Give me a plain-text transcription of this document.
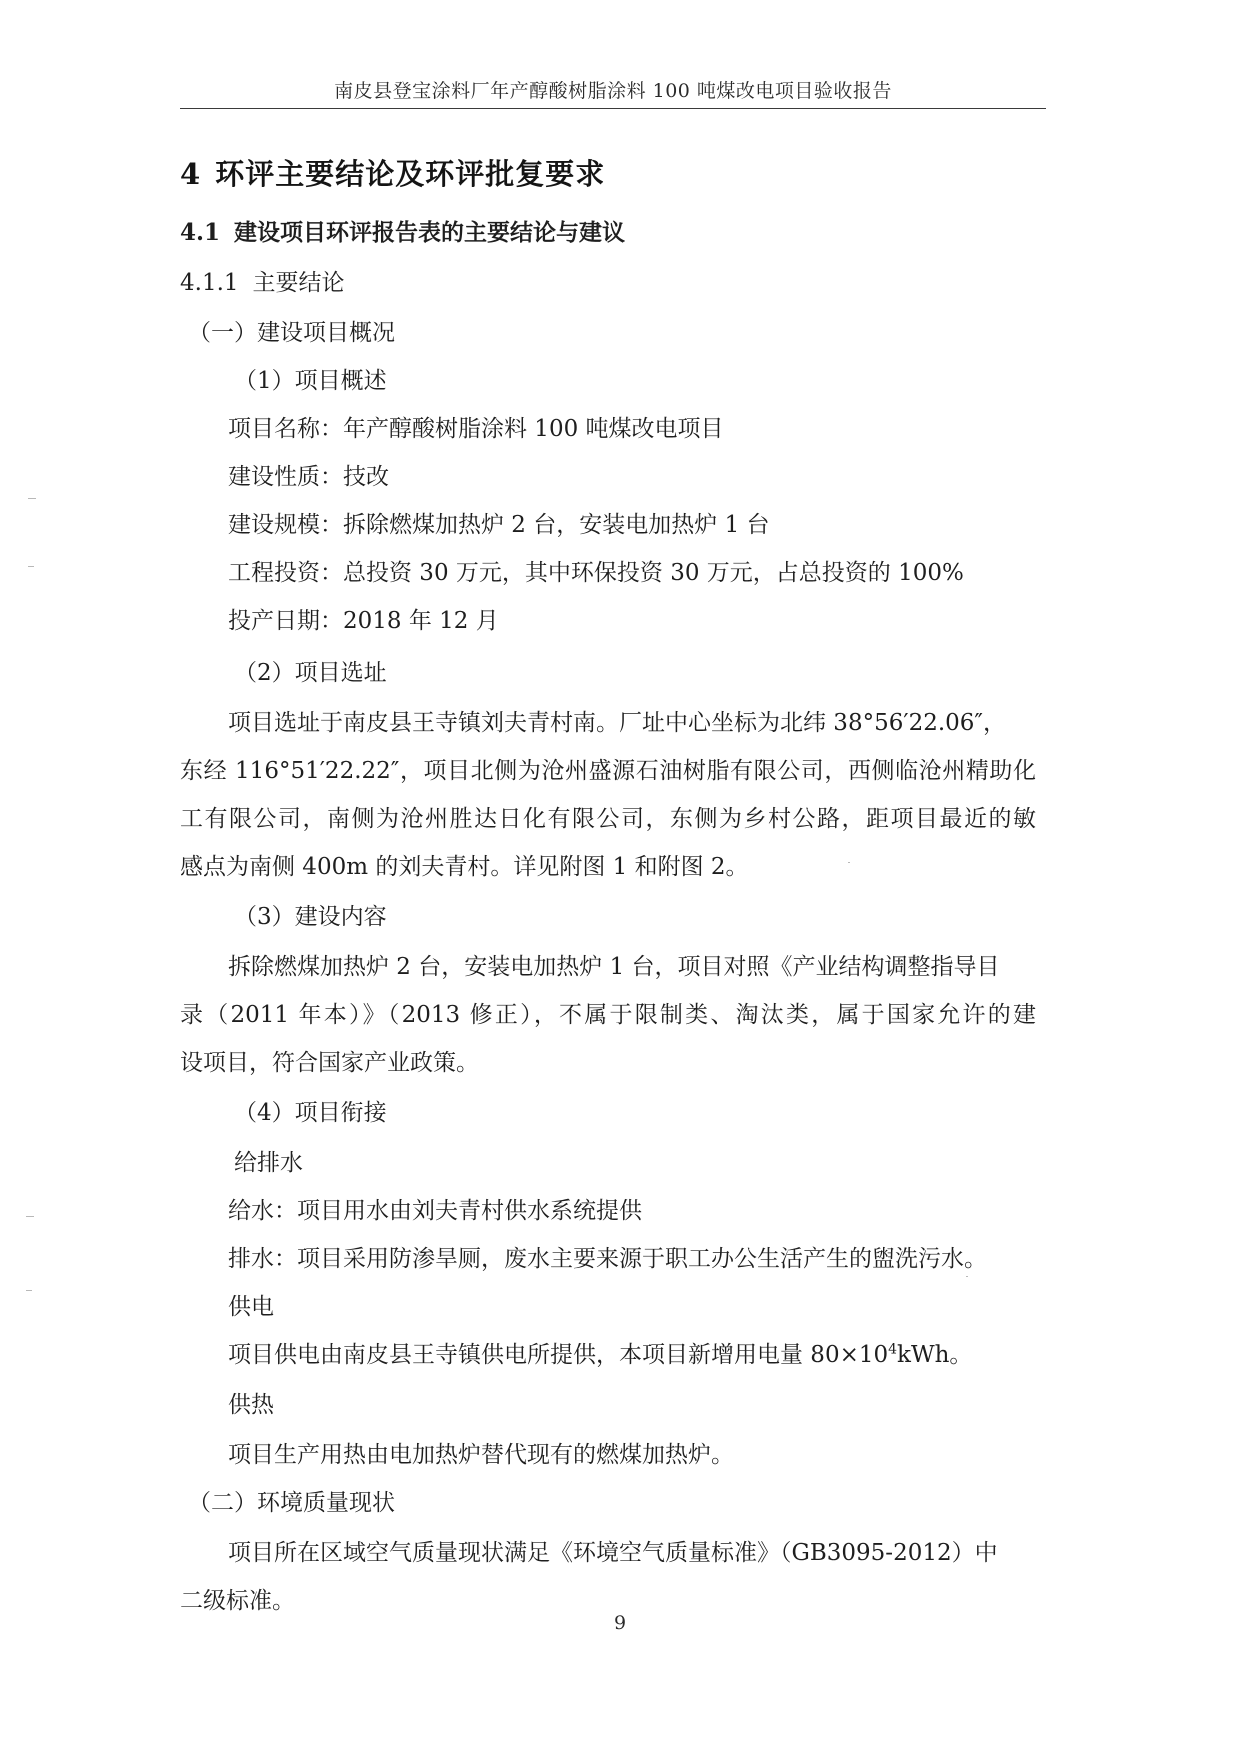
南皮县登宝涂料厂年产醇酸树脂涂料 100 吨煤改电项目验收报告
4 环评主要结论及环评批复要求
4.1 建设项目环评报告表的主要结论与建议
4.1.1 主要结论
（一）建设项目概况
（1）项目概述
项目名称：年产醇酸树脂涂料 100 吨煤改电项目
建设性质：技改
建设规模：拆除燃煤加热炉 2 台，安装电加热炉 1 台
工程投资：总投资 30 万元，其中环保投资 30 万元，占总投资的 100%
投产日期：2018 年 12 月
（2）项目选址
项目选址于南皮县王寺镇刘夫青村南。厂址中心坐标为北纬 38°56′22.06″，
东经 116°51′22.22″，项目北侧为沧州盛源石油树脂有限公司，西侧临沧州精助化
工有限公司，南侧为沧州胜达日化有限公司，东侧为乡村公路，距项目最近的敏
感点为南侧 400m 的刘夫青村。详见附图 1 和附图 2。
（3）建设内容
拆除燃煤加热炉 2 台，安装电加热炉 1 台，项目对照《产业结构调整指导目
录（2011 年本）》（2013 修正），不属于限制类、淘汰类，属于国家允许的建
设项目，符合国家产业政策。
（4）项目衔接
给排水
给水：项目用水由刘夫青村供水系统提供
排水：项目采用防渗旱厕，废水主要来源于职工办公生活产生的盥洗污水。
供电
项目供电由南皮县王寺镇供电所提供，本项目新增用电量 $80\times 10^4kWh$。
供热
项目生产用热由电加热炉替代现有的燃煤加热炉。
（二）环境质量现状
项目所在区域空气质量现状满足《环境空气质量标准》（GB3095-2012）中
二级标准。
9
